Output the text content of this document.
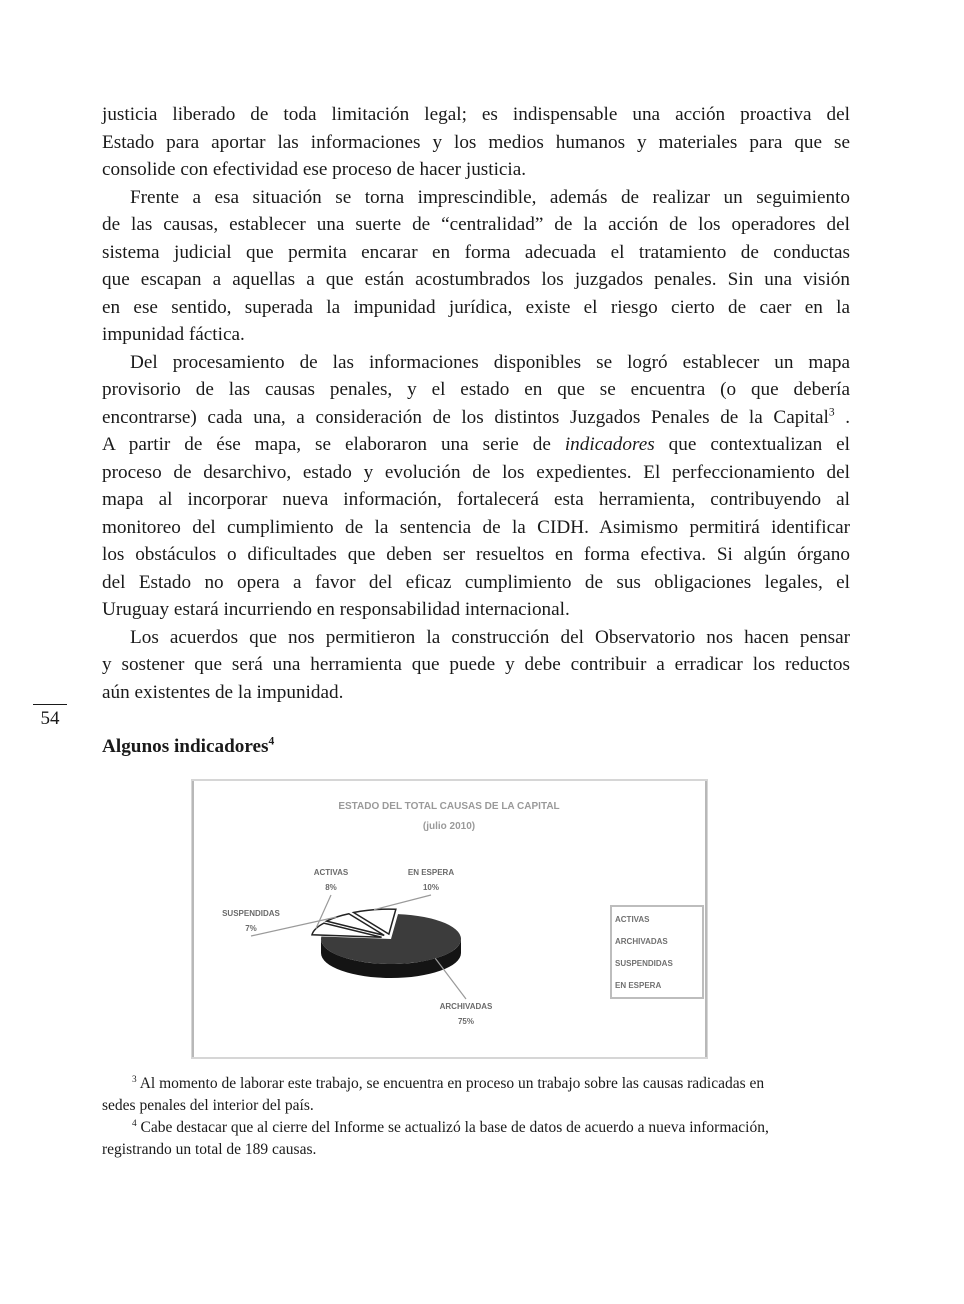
justicia liberado de toda limitación legal; es indispensable una acción proactiva del
Estado para aportar las informaciones y los medios humanos y materiales para que se

consolide con efectividad ese proceso de hacer justicia.

Frente a esa situación se torna imprescindible, además de realizar un seguimiento
de las causas, establecer una suerte de “centralidad” de la acción de los operadores del
sistema judicial que permita encarar en forma adecuada el tratamiento de conductas
que escapan a aquellas a que están acostumbrados los juzgados penales. Sin una visión
en ese sentido, superada la impunidad jurídica, existe el riesgo cierto de caer en la

impunidad fáctica.

Del procesamiento de las informaciones disponibles se logró establecer un mapa
provisorio de las causas penales, y el estado en que se encuentra (o que debería
encontrarse) cada una, a consideración de los distintos Juzgados Penales de la Capital$^3$ .
A partir de ése mapa, se elaboraron una serie de indicadores que contextualizan el
proceso de desarchivo, estado y evolución de los expedientes. El perfeccionamiento del
mapa al incorporar nueva información, fortalecerá esta herramienta, contribuyendo al
monitoreo del cumplimiento de la sentencia de la CIDH. Asimismo permitirá identificar
los obstáculos o dificultades que deben ser resueltos en forma efectiva. Si algún órgano
del Estado no opera a favor del eficaz cumplimiento de sus obligaciones legales, el

Uruguay estará incurriendo en responsabilidad internacional.

Los acuerdos que nos permitieron la construcción del Observatorio nos hacen pensar
y sostener que será una herramienta que puede y debe contribuir a erradicar los reductos

aún existentes de la impunidad.

54
Algunos indicadores$^4$
ESTADO DEL TOTAL CAUSAS DE LA CAPITAL
(julio 2010)
ARCHIVADAS
75%
ACTIVAS
8%
SUSPENDIDAS
7%
EN ESPERA
10%
ACTIVAS
ARCHIVADAS
SUSPENDIDAS
EN ESPERA

$^3$ Al momento de laborar este trabajo, se encuentra en proceso un trabajo sobre las causas radicadas en
sedes penales del interior del país.

$^4$ Cabe destacar que al cierre del Informe se actualizó la base de datos de acuerdo a nueva información,
registrando un total de 189 causas.
